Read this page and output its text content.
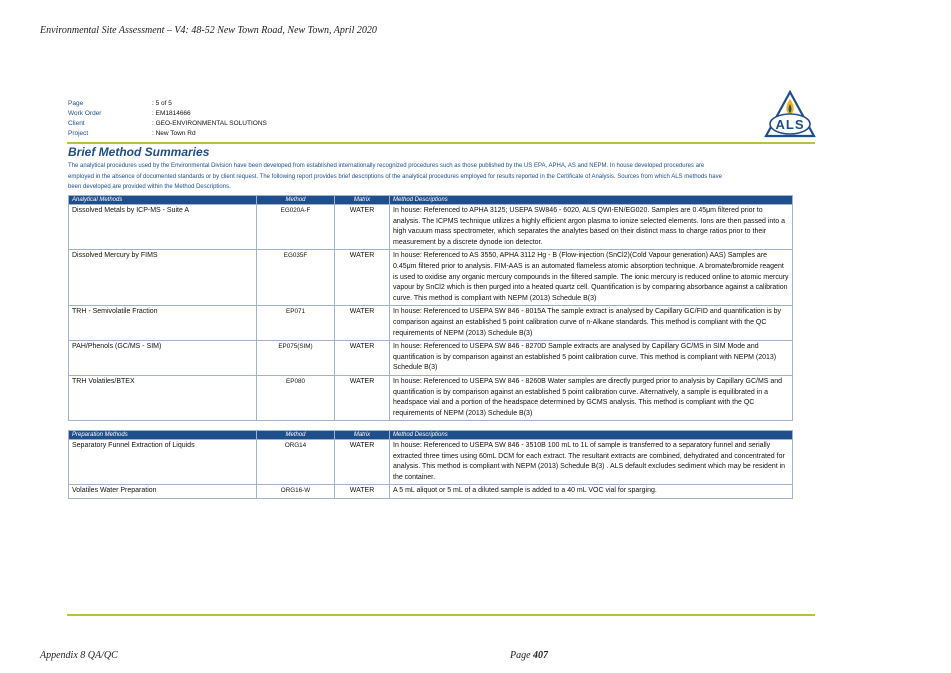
Environmental Site Assessment – V4: 48-52 New Town Road, New Town, April 2020
Page	: 5 of 5
Work Order	: EM1814666
Client	: GEO-ENVIRONMENTAL SOLUTIONS
Project	: New Town Rd
ALS
Brief Method Summaries
The analytical procedures used by the Environmental Division have been developed from established internationally recognized procedures such as those published by the US EPA, APHA, AS and NEPM. In house developed procedures are employed in the absence of documented standards or by client request. The following report provides brief descriptions of the analytical procedures employed for results reported in the Certificate of Analysis. Sources from which ALS methods have been developed are provided within the Method Descriptions.
Analytical Methods	Method	Matrix	Method Descriptions
Dissolved Metals by ICP-MS - Suite A	EG020A-F	WATER	In house: Referenced to APHA 3125; USEPA SW846 - 6020, ALS QWI-EN/EG020. Samples are 0.45μm filtered prior to analysis. The ICPMS technique utilizes a highly efficient argon plasma to ionize selected elements. Ions are then passed into a high vacuum mass spectrometer, which separates the analytes based on their distinct mass to charge ratios prior to their measurement by a discrete dynode ion detector.
Dissolved Mercury by FIMS	EG035F	WATER	In house: Referenced to AS 3550, APHA 3112 Hg - B (Flow-injection (SnCl2)(Cold Vapour generation) AAS) Samples are 0.45μm filtered prior to analysis. FIM-AAS is an automated flameless atomic absorption technique. A bromate/bromide reagent is used to oxidise any organic mercury compounds in the filtered sample. The ionic mercury is reduced online to atomic mercury vapour by SnCl2 which is then purged into a heated quartz cell. Quantification is by comparing absorbance against a calibration curve. This method is compliant with NEPM (2013) Schedule B(3)
TRH - Semivolatile Fraction	EP071	WATER	In house: Referenced to USEPA SW 846 - 8015A The sample extract is analysed by Capillary GC/FID and quantification is by comparison against an established 5 point calibration curve of n-Alkane standards. This method is compliant with the QC requirements of NEPM (2013) Schedule B(3)
PAH/Phenols (GC/MS - SIM)	EP075(SIM)	WATER	In house: Referenced to USEPA SW 846 - 8270D Sample extracts are analysed by Capillary GC/MS in SIM Mode and quantification is by comparison against an established 5 point calibration curve. This method is compliant with NEPM (2013) Schedule B(3)
TRH Volatiles/BTEX	EP080	WATER	In house: Referenced to USEPA SW 846 - 8260B Water samples are directly purged prior to analysis by Capillary GC/MS and quantification is by comparison against an established 5 point calibration curve. Alternatively, a sample is equilibrated in a headspace vial and a portion of the headspace determined by GCMS analysis. This method is compliant with the QC requirements of NEPM (2013) Schedule B(3)
Preparation Methods	Method	Matrix	Method Descriptions
Separatory Funnel Extraction of Liquids	ORG14	WATER	In house: Referenced to USEPA SW 846 - 3510B 100 mL to 1L of sample is transferred to a separatory funnel and serially extracted three times using 60mL DCM for each extract. The resultant extracts are combined, dehydrated and concentrated for analysis. This method is compliant with NEPM (2013) Schedule B(3) . ALS default excludes sediment which may be resident in the container.
Volatiles Water Preparation	ORG16-W	WATER	A 5 mL aliquot or 5 mL of a diluted sample is added to a 40 mL VOC vial for sparging.
Appendix 8 QA/QC	Page 407
